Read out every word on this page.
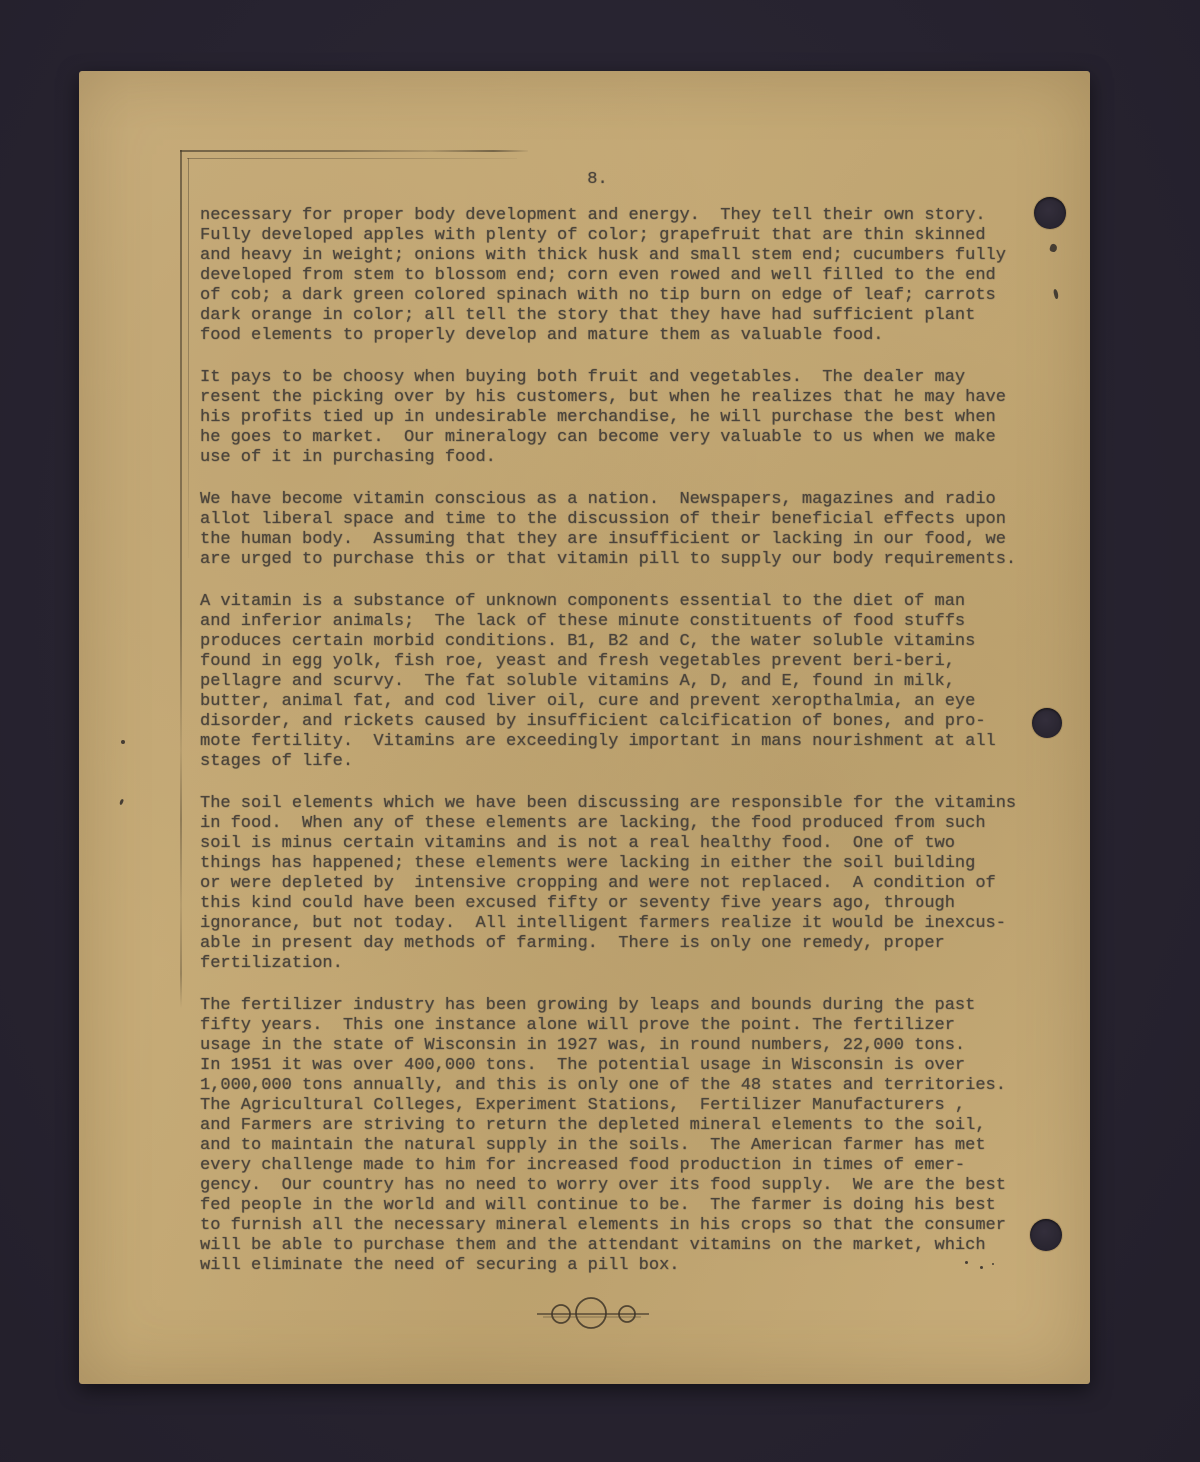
8.
necessary for proper body development and energy.  They tell their own story.
Fully developed apples with plenty of color; grapefruit that are thin skinned
and heavy in weight; onions with thick husk and small stem end; cucumbers fully
developed from stem to blossom end; corn even rowed and well filled to the end
of cob; a dark green colored spinach with no tip burn on edge of leaf; carrots
dark orange in color; all tell the story that they have had sufficient plant
food elements to properly develop and mature them as valuable food.
It pays to be choosy when buying both fruit and vegetables.  The dealer may
resent the picking over by his customers, but when he realizes that he may have
his profits tied up in undesirable merchandise, he will purchase the best when
he goes to market.  Our mineralogy can become very valuable to us when we make
use of it in purchasing food.
We have become vitamin conscious as a nation.  Newspapers, magazines and radio
allot liberal space and time to the discussion of their beneficial effects upon
the human body.  Assuming that they are insufficient or lacking in our food, we
are urged to purchase this or that vitamin pill to supply our body requirements.
A vitamin is a substance of unknown components essential to the diet of man
and inferior animals;  The lack of these minute constituents of food stuffs
produces certain morbid conditions. B1, B2 and C, the water soluble vitamins
found in egg yolk, fish roe, yeast and fresh vegetables prevent beri-beri,
pellagre and scurvy.  The fat soluble vitamins A, D, and E, found in milk,
butter, animal fat, and cod liver oil, cure and prevent xeropthalmia, an eye
disorder, and rickets caused by insufficient calcification of bones, and pro-
mote fertility.  Vitamins are exceedingly important in mans nourishment at all
stages of life.
The soil elements which we have been discussing are responsible for the vitamins
in food.  When any of these elements are lacking, the food produced from such
soil is minus certain vitamins and is not a real healthy food.  One of two
things has happened; these elements were lacking in either the soil building
or were depleted by  intensive cropping and were not replaced.  A condition of
this kind could have been excused fifty or seventy five years ago, through
ignorance, but not today.  All intelligent farmers realize it would be inexcus-
able in present day methods of farming.  There is only one remedy, proper
fertilization.
The fertilizer industry has been growing by leaps and bounds during the past
fifty years.  This one instance alone will prove the point. The fertilizer
usage in the state of Wisconsin in 1927 was, in round numbers, 22,000 tons.
In 1951 it was over 400,000 tons.  The potential usage in Wisconsin is over
1,000,000 tons annually, and this is only one of the 48 states and territories.
The Agricultural Colleges, Experiment Stations,  Fertilizer Manufacturers ,
and Farmers are striving to return the depleted mineral elements to the soil,
and to maintain the natural supply in the soils.  The American farmer has met
every challenge made to him for increased food production in times of emer-
gency.  Our country has no need to worry over its food supply.  We are the best
fed people in the world and will continue to be.  The farmer is doing his best
to furnish all the necessary mineral elements in his crops so that the consumer
will be able to purchase them and the attendant vitamins on the market, which
will eliminate the need of securing a pill box.
